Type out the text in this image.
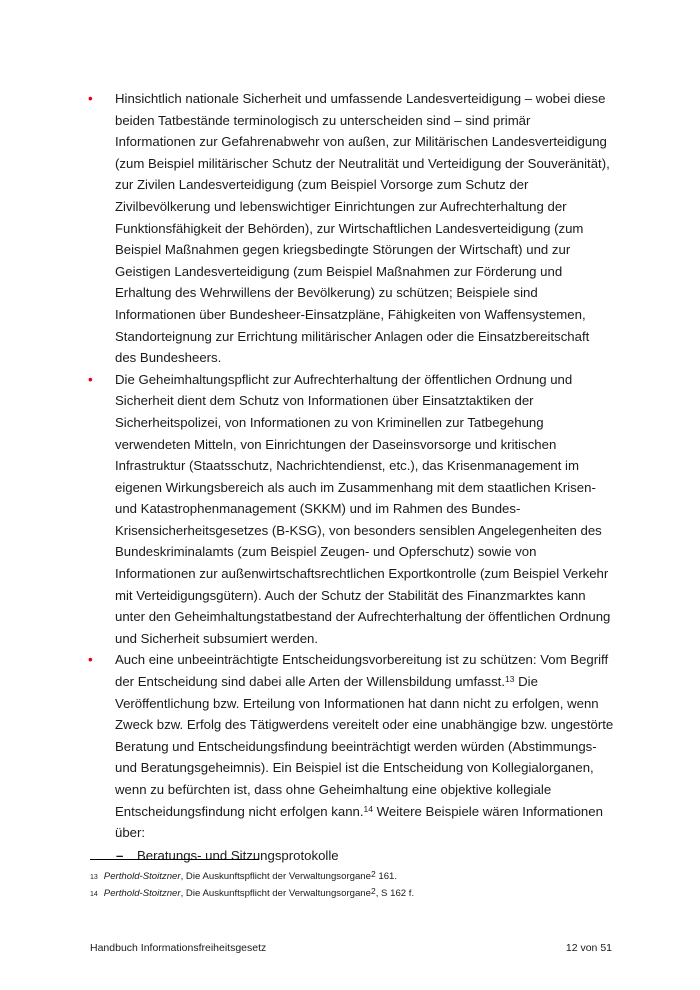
• Hinsichtlich nationale Sicherheit und umfassende Landesverteidigung – wobei diese beiden Tatbestände terminologisch zu unterscheiden sind – sind primär Informationen zur Gefahrenabwehr von außen, zur Militärischen Landesverteidigung (zum Beispiel militärischer Schutz der Neutralität und Verteidigung der Souveränität), zur Zivilen Landesverteidigung (zum Beispiel Vorsorge zum Schutz der Zivilbevölkerung und lebenswichtiger Einrichtungen zur Aufrechterhaltung der Funktionsfähigkeit der Behörden), zur Wirtschaftlichen Landesverteidigung (zum Beispiel Maßnahmen gegen kriegsbedingte Störungen der Wirtschaft) und zur Geistigen Landesverteidigung (zum Beispiel Maßnahmen zur Förderung und Erhaltung des Wehrwillens der Bevölkerung) zu schützen; Beispiele sind Informationen über Bundesheer-Einsatzpläne, Fähigkeiten von Waffensystemen, Standorteignung zur Errichtung militärischer Anlagen oder die Einsatzbereitschaft des Bundesheers.

• Die Geheimhaltungspflicht zur Aufrechterhaltung der öffentlichen Ordnung und Sicherheit dient dem Schutz von Informationen über Einsatztaktiken der Sicherheitspolizei, von Informationen zu von Kriminellen zur Tatbegehung verwendeten Mitteln, von Einrichtungen der Daseinsvorsorge und kritischen Infrastruktur (Staatsschutz, Nachrichtendienst, etc.), das Krisenmanagement im eigenen Wirkungsbereich als auch im Zusammenhang mit dem staatlichen Krisen- und Katastrophenmanagement (SKKM) und im Rahmen des Bundes-Krisensicherheitsgesetzes (B-KSG), von besonders sensiblen Angelegenheiten des Bundeskriminalamts (zum Beispiel Zeugen- und Opferschutz) sowie von Informationen zur außenwirtschaftsrechtlichen Exportkontrolle (zum Beispiel Verkehr mit Verteidigungsgütern). Auch der Schutz der Stabilität des Finanzmarktes kann unter den Geheimhaltungstatbestand der Aufrechterhaltung der öffentlichen Ordnung und Sicherheit subsumiert werden.

• Auch eine unbeeinträchtigte Entscheidungsvorbereitung ist zu schützen: Vom Begriff der Entscheidung sind dabei alle Arten der Willensbildung umfasst.$^{13}$ Die Veröffentlichung bzw. Erteilung von Informationen hat dann nicht zu erfolgen, wenn Zweck bzw. Erfolg des Tätigwerdens vereitelt oder eine unabhängige bzw. ungestörte Beratung und Entscheidungsfindung beeinträchtigt werden würden (Abstimmungs- und Beratungsgeheimnis). Ein Beispiel ist die Entscheidung von Kollegialorganen, wenn zu befürchten ist, dass ohne Geheimhaltung eine objektive kollegiale Entscheidungsfindung nicht erfolgen kann.$^{14}$ Weitere Beispiele wären Informationen über:

– Beratungs- und Sitzungsprotokolle
$^{13}$ Perthold-Stoitzner, Die Auskunftspflicht der Verwaltungsorgane2 161.
$^{14}$ Perthold-Stoitzner, Die Auskunftspflicht der Verwaltungsorgane2, S 162 f.
Handbuch Informationsfreiheitsgesetz	12 von 51
